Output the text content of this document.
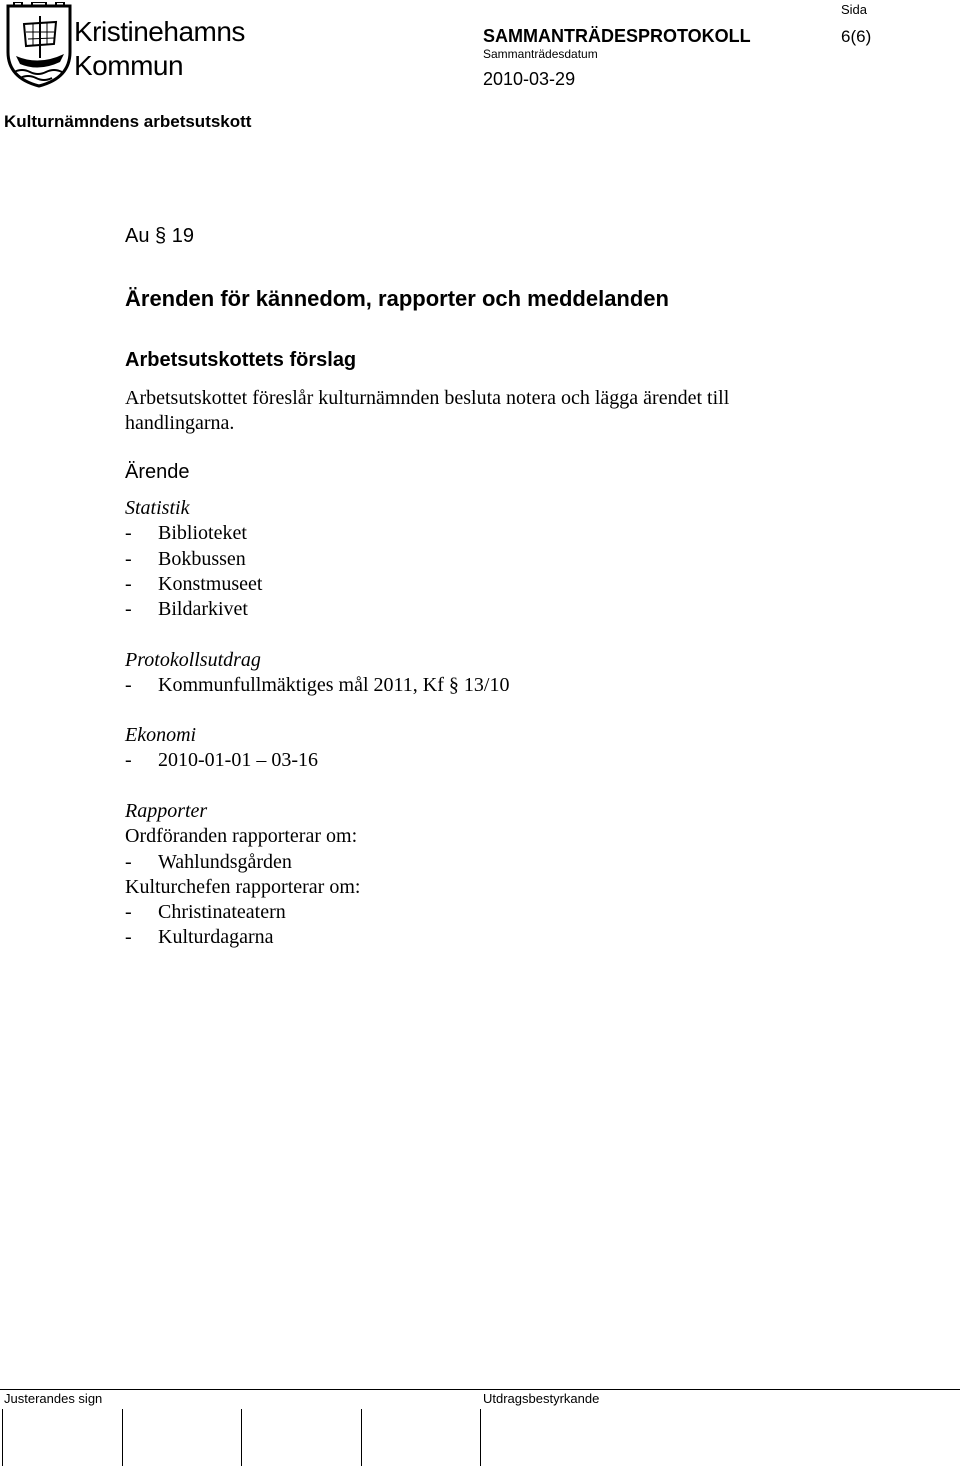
Kristinehamns
Kommun
Kulturnämndens arbetsutskott
SAMMANTRÄDESPROTOKOLL
Sammanträdesdatum
2010-03-29
Sida
6(6)
Au § 19
Ärenden för kännedom, rapporter och meddelanden
Arbetsutskottets förslag
Arbetsutskottet föreslår kulturnämnden besluta notera och lägga ärendet till handlingarna.
Ärende
Statistik
- Biblioteket
- Bokbussen
- Konstmuseet
- Bildarkivet
Protokollsutdrag
- Kommunfullmäktiges mål 2011, Kf § 13/10
Ekonomi
- 2010-01-01 – 03-16
Rapporter
Ordföranden rapporterar om:
- Wahlundsgården
Kulturchefen rapporterar om:
- Christinateatern
- Kulturdagarna
Justerandes sign	Utdragsbestyrkande
